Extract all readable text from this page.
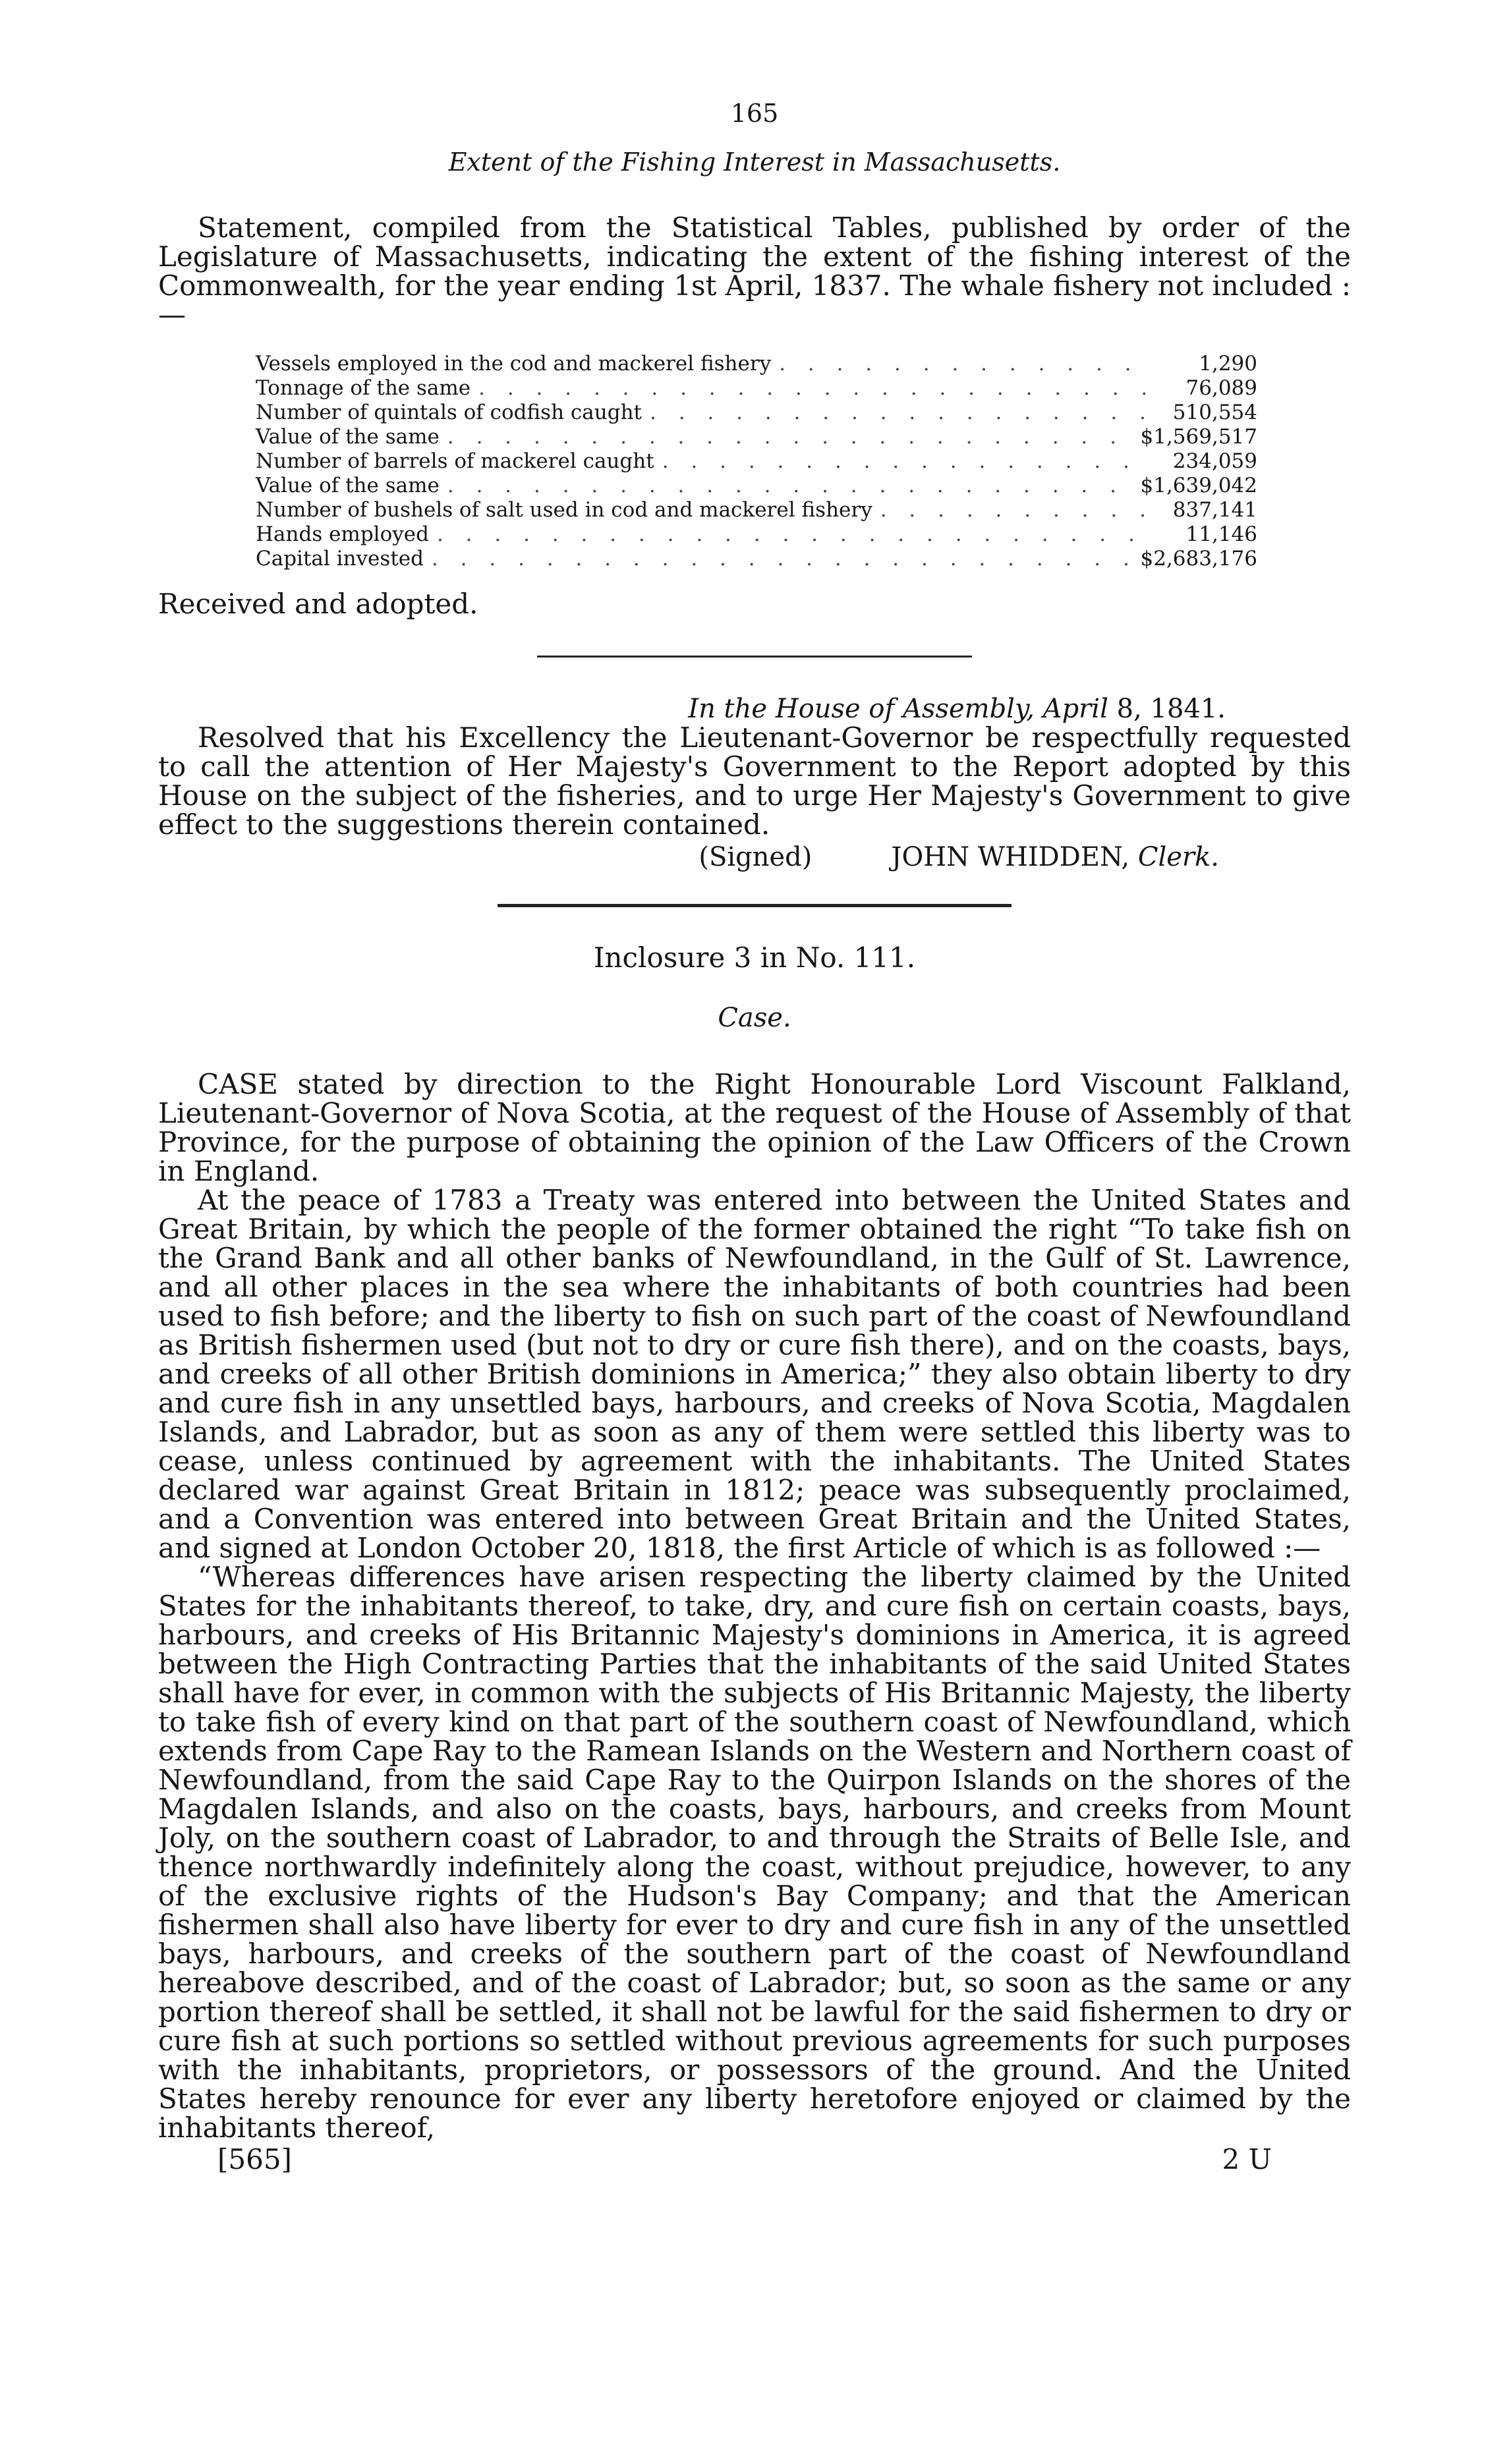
165
Extent of the Fishing Interest in Massachusetts.

Statement, compiled from the Statistical Tables, published by order of the Legislature of Massachusetts, indicating the extent of the fishing interest of the Commonwealth, for the year ending 1st April, 1837. The whale fishery not included :—

Vessels employed in the cod and mackerel fishery . . .	1,290
Tonnage of the same . . .	76,089
Number of quintals of codfish caught . . .	510,554
Value of the same . . .	$1,569,517
Number of barrels of mackerel caught . . .	234,059
Value of the same . . .	$1,639,042
Number of bushels of salt used in cod and mackerel fishery . . .	837,141
Hands employed . . .	11,146
Capital invested . . .	$2,683,176

Received and adopted.

In the House of Assembly, April 8, 1841.

Resolved that his Excellency the Lieutenant-Governor be respectfully requested to call the attention of Her Majesty's Government to the Report adopted by this House on the subject of the fisheries, and to urge Her Majesty's Government to give effect to the suggestions therein contained.

(Signed)	JOHN WHIDDEN,
Clerk.
Inclosure 3 in No. 111.
Case.

CASE stated by direction to the Right Honourable Lord Viscount Falkland, Lieutenant-Governor of Nova Scotia, at the request of the House of Assembly of that Province, for the purpose of obtaining the opinion of the Law Officers of the Crown in England.

At the peace of 1783 a Treaty was entered into between the United States and Great Britain, by which the people of the former obtained the right “To take fish on the Grand Bank and all other banks of Newfoundland, in the Gulf of St. Lawrence, and all other places in the sea where the inhabitants of both countries had been used to fish before; and the liberty to fish on such part of the coast of Newfoundland as British fishermen used (but not to dry or cure fish there), and on the coasts, bays, and creeks of all other British dominions in America;” they also obtain liberty to dry and cure fish in any unsettled bays, harbours, and creeks of Nova Scotia, Magdalen Islands, and Labrador, but as soon as any of them were settled this liberty was to cease, unless continued by agreement with the inhabitants. The United States declared war against Great Britain in 1812; peace was subsequently proclaimed, and a Convention was entered into between Great Britain and the United States, and signed at London October 20, 1818, the first Article of which is as followed :—

“Whereas differences have arisen respecting the liberty claimed by the United States for the inhabitants thereof, to take, dry, and cure fish on certain coasts, bays, harbours, and creeks of His Britannic Majesty's dominions in America, it is agreed between the High Contracting Parties that the inhabitants of the said United States shall have for ever, in common with the subjects of His Britannic Majesty, the liberty to take fish of every kind on that part of the southern coast of Newfoundland, which extends from Cape Ray to the Ramean Islands on the Western and Northern coast of Newfoundland, from the said Cape Ray to the Quirpon Islands on the shores of the Magdalen Islands, and also on the coasts, bays, harbours, and creeks from Mount Joly, on the southern coast of Labrador, to and through the Straits of Belle Isle, and thence northwardly indefinitely along the coast, without prejudice, however, to any of the exclusive rights of the Hudson's Bay Company; and that the American fishermen shall also have liberty for ever to dry and cure fish in any of the unsettled bays, harbours, and creeks of the southern part of the coast of Newfoundland hereabove described, and of the coast of Labrador; but, so soon as the same or any portion thereof shall be settled, it shall not be lawful for the said fishermen to dry or cure fish at such portions so settled without previous agreements for such purposes with the inhabitants, proprietors, or possessors of the ground. And the United States hereby renounce for ever any liberty heretofore enjoyed or claimed by the inhabitants thereof,

[565]	2 U
